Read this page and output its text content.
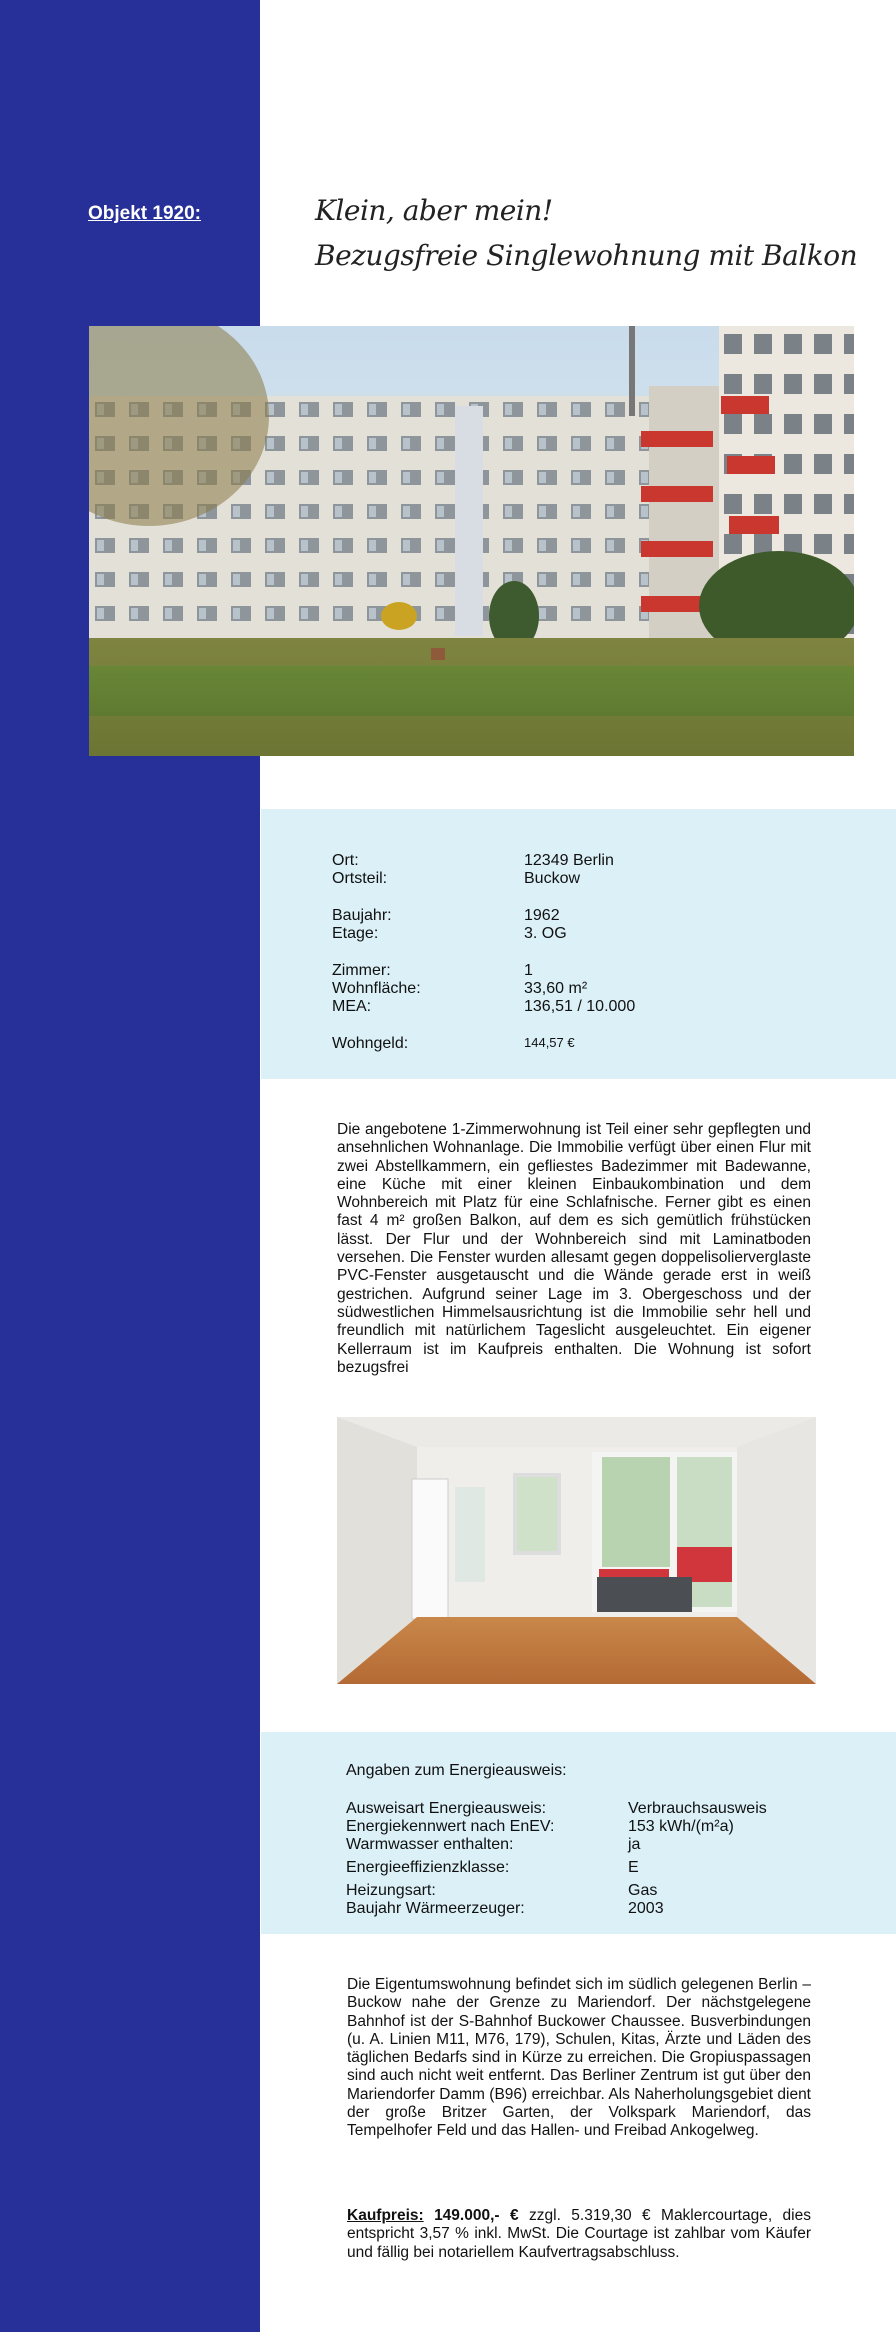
Objekt 1920:	Klein, aber mein!
Bezugsfreie Singlewohnung mit Balkon
Ort:	12349 Berlin
Ortsteil:	Buckow
Baujahr:	1962
Etage:	3. OG
Zimmer:	1
Wohnfläche:	33,60 m²
MEA:	136,51 / 10.000
Wohngeld:	144,57 €
Die angebotene 1-Zimmerwohnung ist Teil einer sehr gepflegten und ansehnlichen Wohnanlage. Die Immobilie verfügt über einen Flur mit zwei Abstellkammern, ein gefliestes Badezimmer mit Badewanne, eine Küche mit einer kleinen Einbaukombination und dem Wohnbereich mit Platz für eine Schlafnische. Ferner gibt es einen fast 4 m² großen Balkon, auf dem es sich gemütlich frühstücken lässt. Der Flur und der Wohnbereich sind mit Laminatboden versehen. Die Fenster wurden allesamt gegen doppelisolierverglaste PVC-Fenster ausgetauscht und die Wände gerade erst in weiß gestrichen. Aufgrund seiner Lage im 3. Obergeschoss und der südwestlichen Himmelsausrichtung ist die Immobilie sehr hell und freundlich mit natürlichem Tageslicht ausgeleuchtet. Ein eigener Kellerraum ist im Kaufpreis enthalten. Die Wohnung ist sofort bezugsfrei
Angaben zum Energieausweis:
Ausweisart Energieausweis:	Verbrauchsausweis
Energiekennwert nach EnEV:	153 kWh/(m²a)
Warmwasser enthalten:	ja
Energieeffizienzklasse:	E
Heizungsart:	Gas
Baujahr Wärmeerzeuger:	2003
Die Eigentumswohnung befindet sich im südlich gelegenen Berlin – Buckow nahe der Grenze zu Mariendorf. Der nächstgelegene Bahnhof ist der S-Bahnhof Buckower Chaussee. Busverbindungen (u. A. Linien M11, M76, 179), Schulen, Kitas, Ärzte und Läden des täglichen Bedarfs sind in Kürze zu erreichen. Die Gropiuspassagen sind auch nicht weit entfernt. Das Berliner Zentrum ist gut über den Mariendorfer Damm (B96) erreichbar. Als Naherholungsgebiet dient der große Britzer Garten, der Volkspark Mariendorf, das Tempelhofer Feld und das Hallen- und Freibad Ankogelweg.
Kaufpreis: 149.000,- € zzgl. 5.319,30 € Maklercourtage, dies entspricht 3,57 % inkl. MwSt. Die Courtage ist zahlbar vom Käufer und fällig bei notariellem Kaufvertragsabschluss.
